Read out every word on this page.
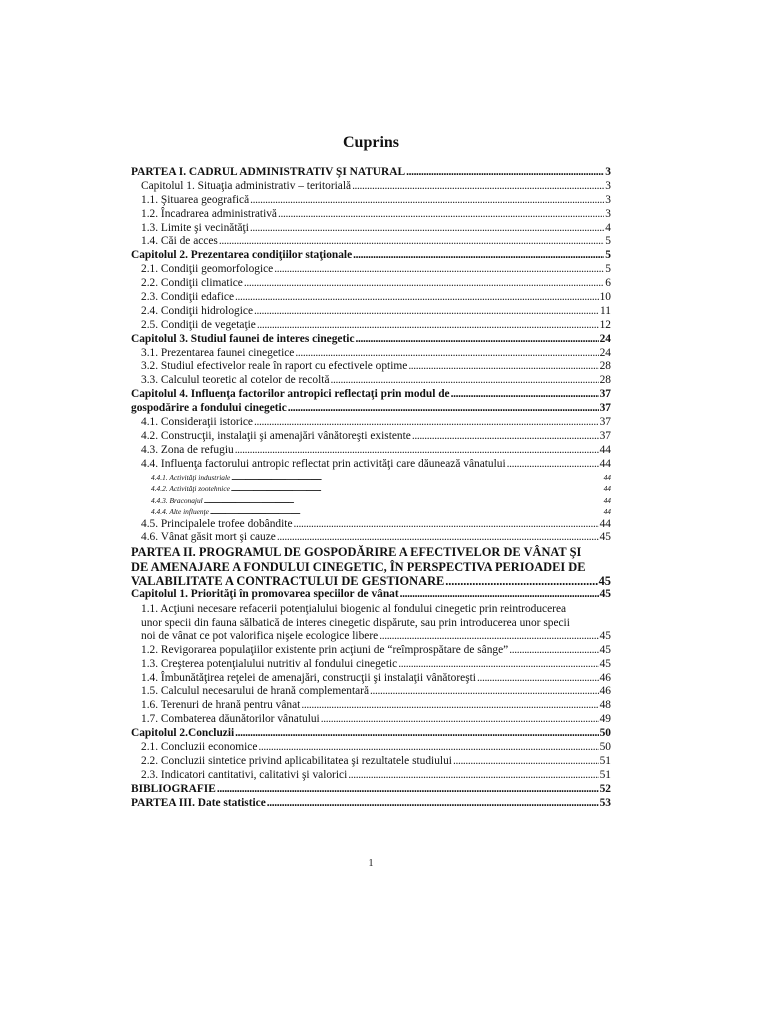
Cuprins
PARTEA I. CADRUL ADMINISTRATIV ŞI NATURAL . . .	3
Capitolul 1. Situaţia administrativ – teritorială . . .	3
1.1. Şituarea geografică . . .	3
1.2. Încadrarea administrativă . . .	3
1.3. Limite şi vecinătăţi . . .	4
1.4. Căi de acces . . .	5
Capitolul 2. Prezentarea condiţiilor staţionale . . .	5
2.1. Condiţii geomorfologice . . .	5
2.2. Condiţii climatice . . .	6
2.3. Condiţii edafice . . .	10
2.4. Condiţii hidrologice . . .	11
2.5. Condiţii de vegetaţie . . .	12
Capitolul 3. Studiul faunei de interes cinegetic . . .	24
3.1. Prezentarea faunei cinegetice . . .	24
3.2. Studiul efectivelor reale în raport cu efectivele optime . . .	28
3.3. Calculul teoretic al cotelor de recoltă . . .	28
Capitolul 4. Influenţa factorilor antropici reflectaţi prin modul de . . .	37
gospodărire a fondului cinegetic . . .	37
4.1. Consideraţii istorice . . .	37
4.2. Construcţii, instalaţii şi amenajări vânătoreşti existente . . .	37
4.3. Zona de refugiu . . .	44
4.4. Influenţa factorului antropic reflectat prin activităţi care dăunează vânatului . . .	44
4.4.1. Activităţi industriale . . .	44
4.4.2. Activităţi zootehnice . . .	44
4.4.3. Braconajul . . .	44
4.4.4. Alte influenţe . . .	44
4.5. Principalele trofee dobândite . . .	44
4.6. Vânat găsit mort şi cauze . . .	45
PARTEA II. PROGRAMUL DE GOSPODĂRIRE A EFECTIVELOR DE VÂNAT ŞI
DE AMENAJARE A FONDULUI CINEGETIC, ÎN PERSPECTIVA PERIOADEI DE
VALABILITATE A CONTRACTULUI DE GESTIONARE . . .	45
Capitolul 1. Priorităţi în promovarea speciilor de vânat . . .	45
1.1. Acţiuni necesare refacerii potenţialului biogenic al fondului cinegetic prin reintroducerea
unor specii din fauna sălbatică de interes cinegetic dispărute, sau prin introducerea unor specii
noi de vânat ce pot valorifica nişele ecologice libere . . .	45
1.2. Revigorarea populaţiilor existente prin acţiuni de “reîmprospătare de sânge” . . .	45
1.3. Creşterea potenţialului nutritiv al fondului cinegetic . . .	45
1.4. Îmbunătăţirea reţelei de amenajări, construcţii şi instalaţii vânătoreşti . . .	46
1.5. Calculul necesarului de hrană complementară . . .	46
1.6. Terenuri de hrană pentru vânat . . .	48
1.7. Combaterea dăunătorilor vânatului . . .	49
Capitolul 2.Concluzii . . .	50
2.1. Concluzii economice . . .	50
2.2. Concluzii sintetice privind aplicabilitatea şi rezultatele studiului . . .	51
2.3. Indicatori cantitativi, calitativi şi valorici . . .	51
BIBLIOGRAFIE . . .	52
PARTEA III. Date statistice . . .	53
1
